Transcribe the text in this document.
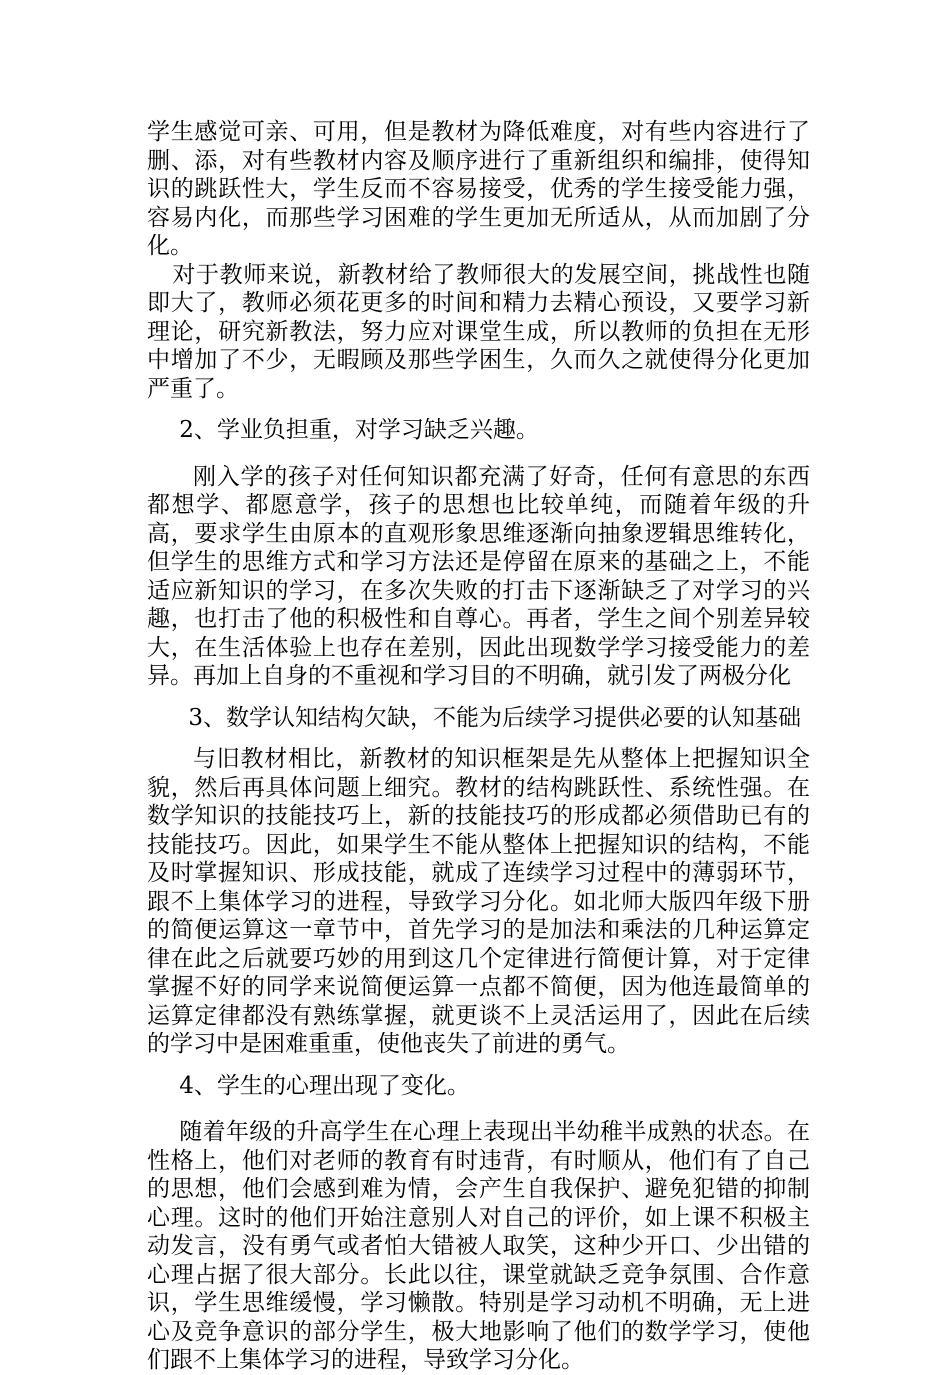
学生感觉可亲、可用，但是教材为降低难度，对有些内容进行了删、添，对有些教材内容及顺序进行了重新组织和编排，使得知识的跳跃性大，学生反而不容易接受，优秀的学生接受能力强，容易内化，而那些学习困难的学生更加无所适从，从而加剧了分化。

对于教师来说，新教材给了教师很大的发展空间，挑战性也随即大了，教师必须花更多的时间和精力去精心预设，又要学习新理论，研究新教法，努力应对课堂生成，所以教师的负担在无形中增加了不少，无暇顾及那些学困生，久而久之就使得分化更加严重了。

2、学业负担重，对学习缺乏兴趣。

刚入学的孩子对任何知识都充满了好奇，任何有意思的东西都想学、都愿意学，孩子的思想也比较单纯，而随着年级的升高，要求学生由原本的直观形象思维逐渐向抽象逻辑思维转化，但学生的思维方式和学习方法还是停留在原来的基础之上，不能适应新知识的学习，在多次失败的打击下逐渐缺乏了对学习的兴趣，也打击了他的积极性和自尊心。再者，学生之间个别差异较大，在生活体验上也存在差别，因此出现数学学习接受能力的差异。再加上自身的不重视和学习目的不明确，就引发了两极分化

3、数学认知结构欠缺，不能为后续学习提供必要的认知基础

与旧教材相比，新教材的知识框架是先从整体上把握知识全貌，然后再具体问题上细究。教材的结构跳跃性、系统性强。在数学知识的技能技巧上，新的技能技巧的形成都必须借助已有的技能技巧。因此，如果学生不能从整体上把握知识的结构，不能及时掌握知识、形成技能，就成了连续学习过程中的薄弱环节，跟不上集体学习的进程，导致学习分化。如北师大版四年级下册的简便运算这一章节中，首先学习的是加法和乘法的几种运算定律在此之后就要巧妙的用到这几个定律进行简便计算，对于定律掌握不好的同学来说简便运算一点都不简便，因为他连最简单的运算定律都没有熟练掌握，就更谈不上灵活运用了，因此在后续的学习中是困难重重，使他丧失了前进的勇气。

4、学生的心理出现了变化。

随着年级的升高学生在心理上表现出半幼稚半成熟的状态。在性格上，他们对老师的教育有时违背，有时顺从，他们有了自己的思想，他们会感到难为情，会产生自我保护、避免犯错的抑制心理。这时的他们开始注意别人对自己的评价，如上课不积极主动发言，没有勇气或者怕大错被人取笑，这种少开口、少出错的心理占据了很大部分。长此以往，课堂就缺乏竞争氛围、合作意识，学生思维缓慢，学习懒散。特别是学习动机不明确，无上进心及竞争意识的部分学生，极大地影响了他们的数学学习，使他们跟不上集体学习的进程，导致学习分化。
